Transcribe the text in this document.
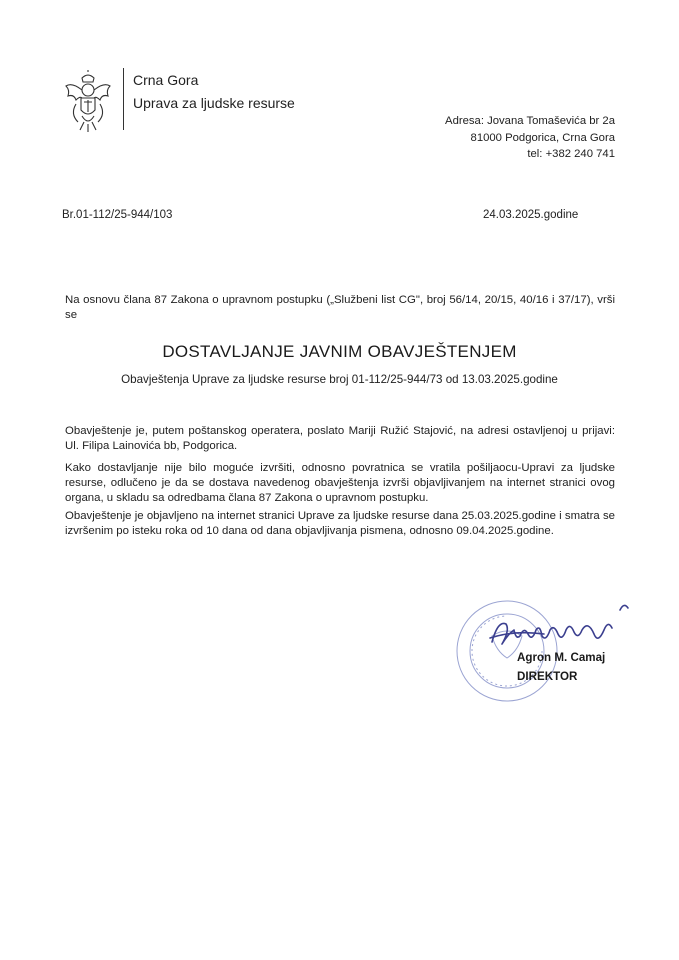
Crna Gora
Uprava za ljudske resurse
Adresa: Jovana Tomaševića br 2a
81000 Podgorica, Crna Gora
tel: +382 240 741
Br.01-112/25-944/103	24.03.2025.godine
Na osnovu člana 87 Zakona o upravnom postupku („Službeni list CG", broj 56/14, 20/15, 40/16 i 37/17), vrši se
DOSTAVLJANJE JAVNIM OBAVJEŠTENJEM
Obavještenja Uprave za ljudske resurse broj 01-112/25-944/73 od 13.03.2025.godine
Obavještenje je, putem poštanskog operatera, poslato Mariji Ružić Stajović, na adresi ostavljenoj u prijavi: Ul. Filipa Lainovića bb, Podgorica.
Kako dostavljanje nije bilo moguće izvršiti, odnosno povratnica se vratila pošiljaocu-Upravi za ljudske resurse, odlučeno je da se dostava navedenog obavještenja izvrši objavljivanjem na internet stranici ovog organa, u skladu sa odredbama člana 87 Zakona o upravnom postupku.
Obavještenje je objavljeno na internet stranici Uprave za ljudske resurse dana 25.03.2025.godine i smatra se izvršenim po isteku roka od 10 dana od dana objavljivanja pismena, odnosno 09.04.2025.godine.
Agron M. Camaj
DIREKTOR
